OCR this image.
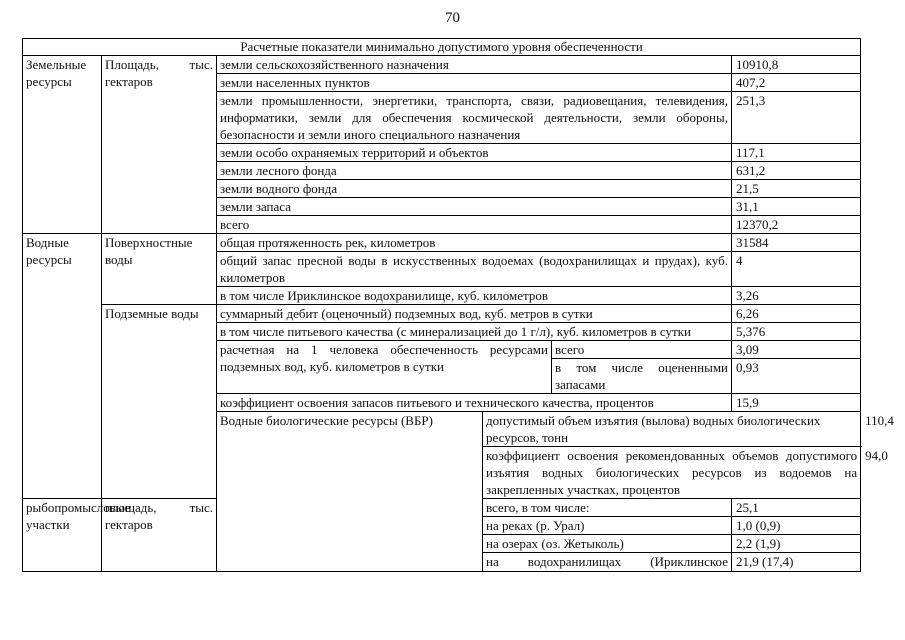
70
Расчетные показатели минимально допустимого уровня обеспеченности						
Земельные ресурсы	Площадь, тыс. гектаров	земли сельскохозяйственного назначения			10910,8	
		земли населенных пунктов			407,2	
		земли промышленности, энергетики, транспорта, связи, радиовещания, телевидения, информатики, земли для обеспечения космической деятельности, земли обороны, безопасности и земли иного специального назначения			251,3	
		земли особо охраняемых территорий и объектов			117,1	
		земли лесного фонда			631,2	
		земли водного фонда			21,5	
		земли запаса			31,1	
		всего			12370,2	
Водные ресурсы	Поверхностные воды	общая протяженность рек, километров			31584	
		общий запас пресной воды в искусственных водоемах (водохранилищах и прудах), куб. километров			4	
		в том числе Ириклинское водохранилище, куб. километров			3,26	
	Подземные воды	суммарный дебит (оценочный) подземных вод, куб. метров в сутки			6,26	
		в том числе питьевого качества (с минерализацией до 1 г/л), куб. километров в сутки			5,376	
		расчетная на 1 человека обеспеченность ресурсами подземных вод, куб. километров в сутки		всего	3,09	
				в том числе оцененными запасами	0,93	
		коэффициент освоения запасов питьевого и технического качества, процентов			15,9	
		Водные биологические ресурсы (ВБР)	допустимый объем изъятия (вылова) водных биологических ресурсов, тонн			110,4
			коэффициент освоения рекомендованных объемов допустимого изъятия водных биологических ресурсов из водоемов на закрепленных участках, процентов			94,0
рыбопромысловые участки	площадь, тыс. гектаров		всего, в том числе:		25,1	
			на реках (р. Урал)		1,0 (0,9)	
			на озерах (оз. Жетыколь)		2,2 (1,9)	
			на водохранилищах (Ириклинское		21,9 (17,4)	
